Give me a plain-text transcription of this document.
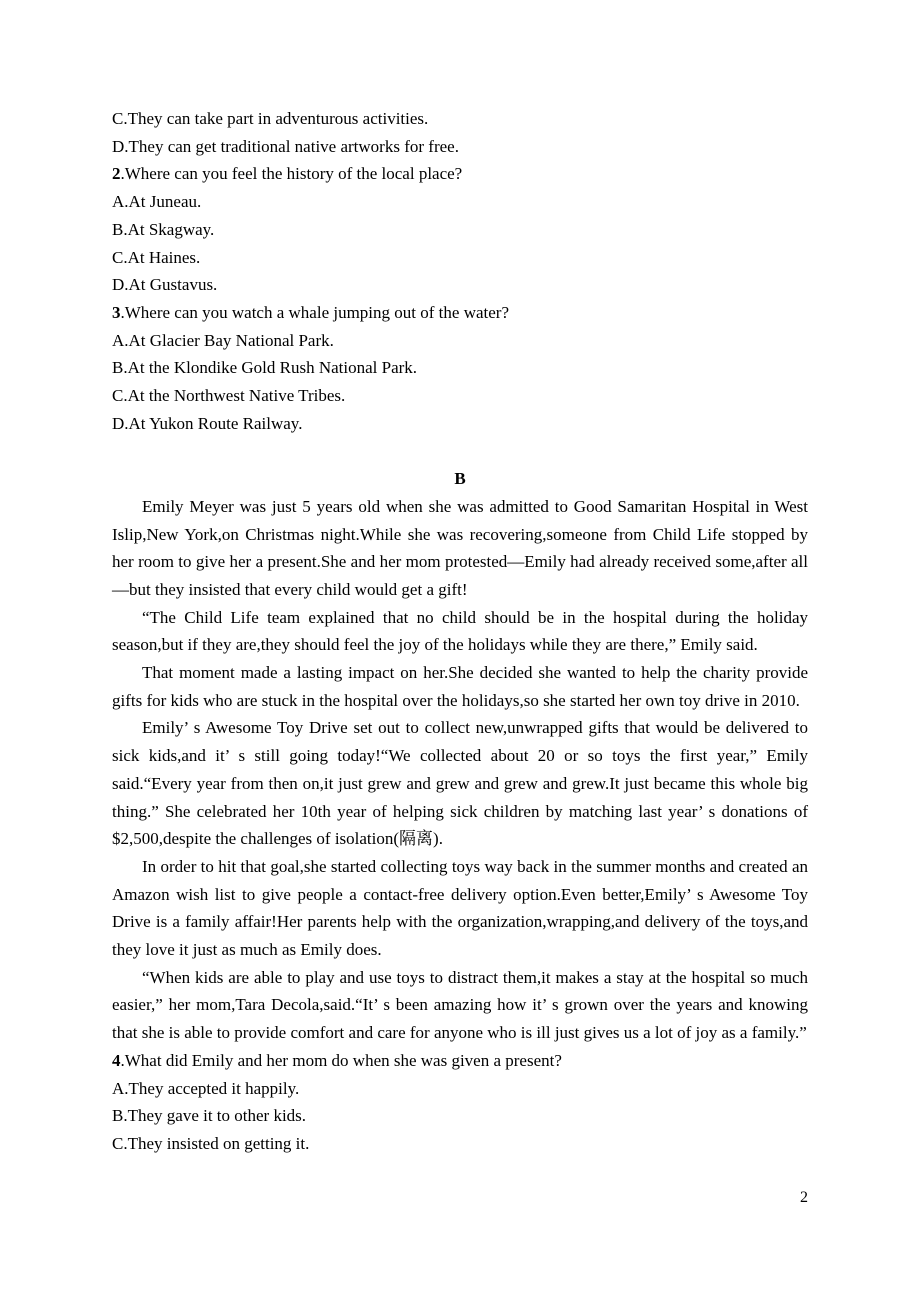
C.They can take part in adventurous activities.
D.They can get traditional native artworks for free.
2.Where can you feel the history of the local place?
A.At Juneau.
B.At Skagway.
C.At Haines.
D.At Gustavus.
3.Where can you watch a whale jumping out of the water?
A.At Glacier Bay National Park.
B.At the Klondike Gold Rush National Park.
C.At the Northwest Native Tribes.
D.At Yukon Route Railway.
B
Emily Meyer was just 5 years old when she was admitted to Good Samaritan Hospital in West Islip,New York,on Christmas night.While she was recovering,someone from Child Life stopped by her room to give her a present.She and her mom protested—Emily had already received some,after all—but they insisted that every child would get a gift!
“The Child Life team explained that no child should be in the hospital during the holiday season,but if they are,they should feel the joy of the holidays while they are there,” Emily said.
That moment made a lasting impact on her.She decided she wanted to help the charity provide gifts for kids who are stuck in the hospital over the holidays,so she started her own toy drive in 2010.
Emily’ s Awesome Toy Drive set out to collect new,unwrapped gifts that would be delivered to sick kids,and it’ s still going today!“We collected about 20 or so toys the first year,” Emily said.“Every year from then on,it just grew and grew and grew and grew.It just became this whole big thing.” She celebrated her 10th year of helping sick children by matching last year’ s donations of $2,500,despite the challenges of isolation(隔离).
In order to hit that goal,she started collecting toys way back in the summer months and created an Amazon wish list to give people a contact-free delivery option.Even better,Emily’ s Awesome Toy Drive is a family affair!Her parents help with the organization,wrapping,and delivery of the toys,and they love it just as much as Emily does.
“When kids are able to play and use toys to distract them,it makes a stay at the hospital so much easier,” her mom,Tara Decola,said.“It’ s been amazing how it’ s grown over the years and knowing that she is able to provide comfort and care for anyone who is ill just gives us a lot of joy as a family.”
4.What did Emily and her mom do when she was given a present?
A.They accepted it happily.
B.They gave it to other kids.
C.They insisted on getting it.
2
